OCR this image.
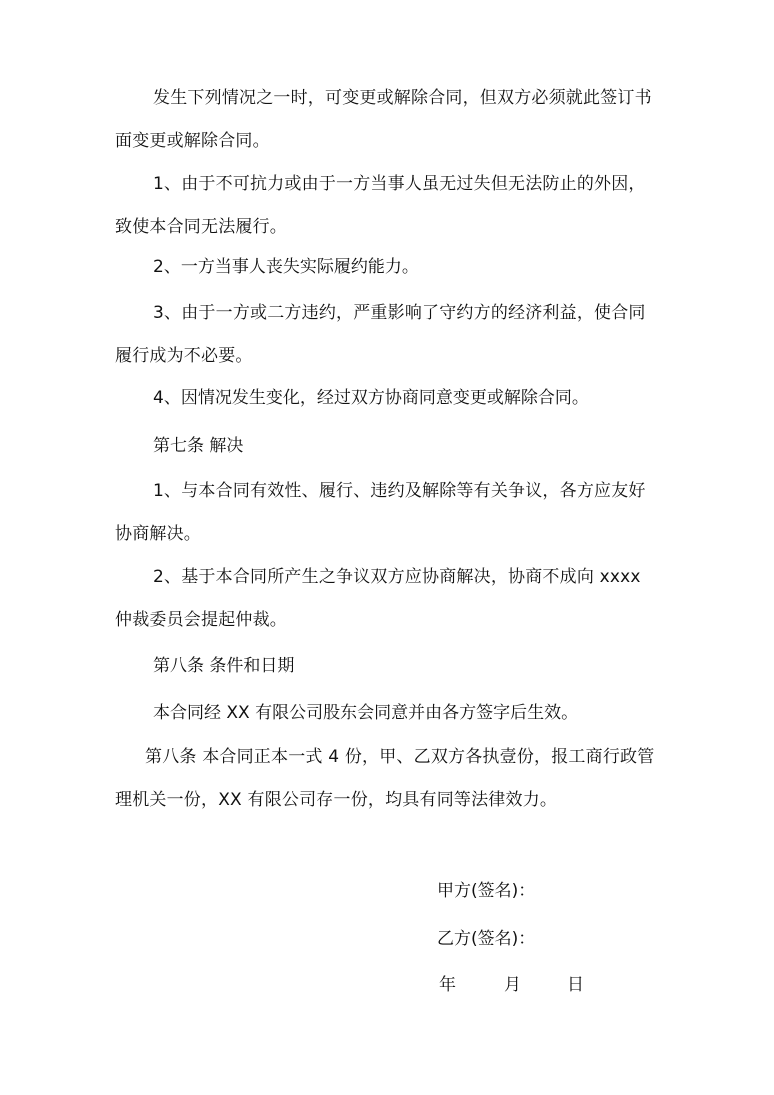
发生下列情况之一时，可变更或解除合同，但双方必须就此签订书面变更或解除合同。

1、由于不可抗力或由于一方当事人虽无过失但无法防止的外因，致使本合同无法履行。

2、一方当事人丧失实际履约能力。

3、由于一方或二方违约，严重影响了守约方的经济利益，使合同履行成为不必要。

4、因情况发生变化，经过双方协商同意变更或解除合同。

第七条 解决

1、与本合同有效性、履行、违约及解除等有关争议，各方应友好协商解决。

2、基于本合同所产生之争议双方应协商解决，协商不成向 xxxx 仲裁委员会提起仲裁。

第八条 条件和日期

本合同经 XX 有限公司股东会同意并由各方签字后生效。

第八条 本合同正本一式 4 份，甲、乙双方各执壹份，报工商行政管理机关一份，XX 有限公司存一份，均具有同等法律效力。

甲方(签名)：
乙方(签名)：
年	月	日
